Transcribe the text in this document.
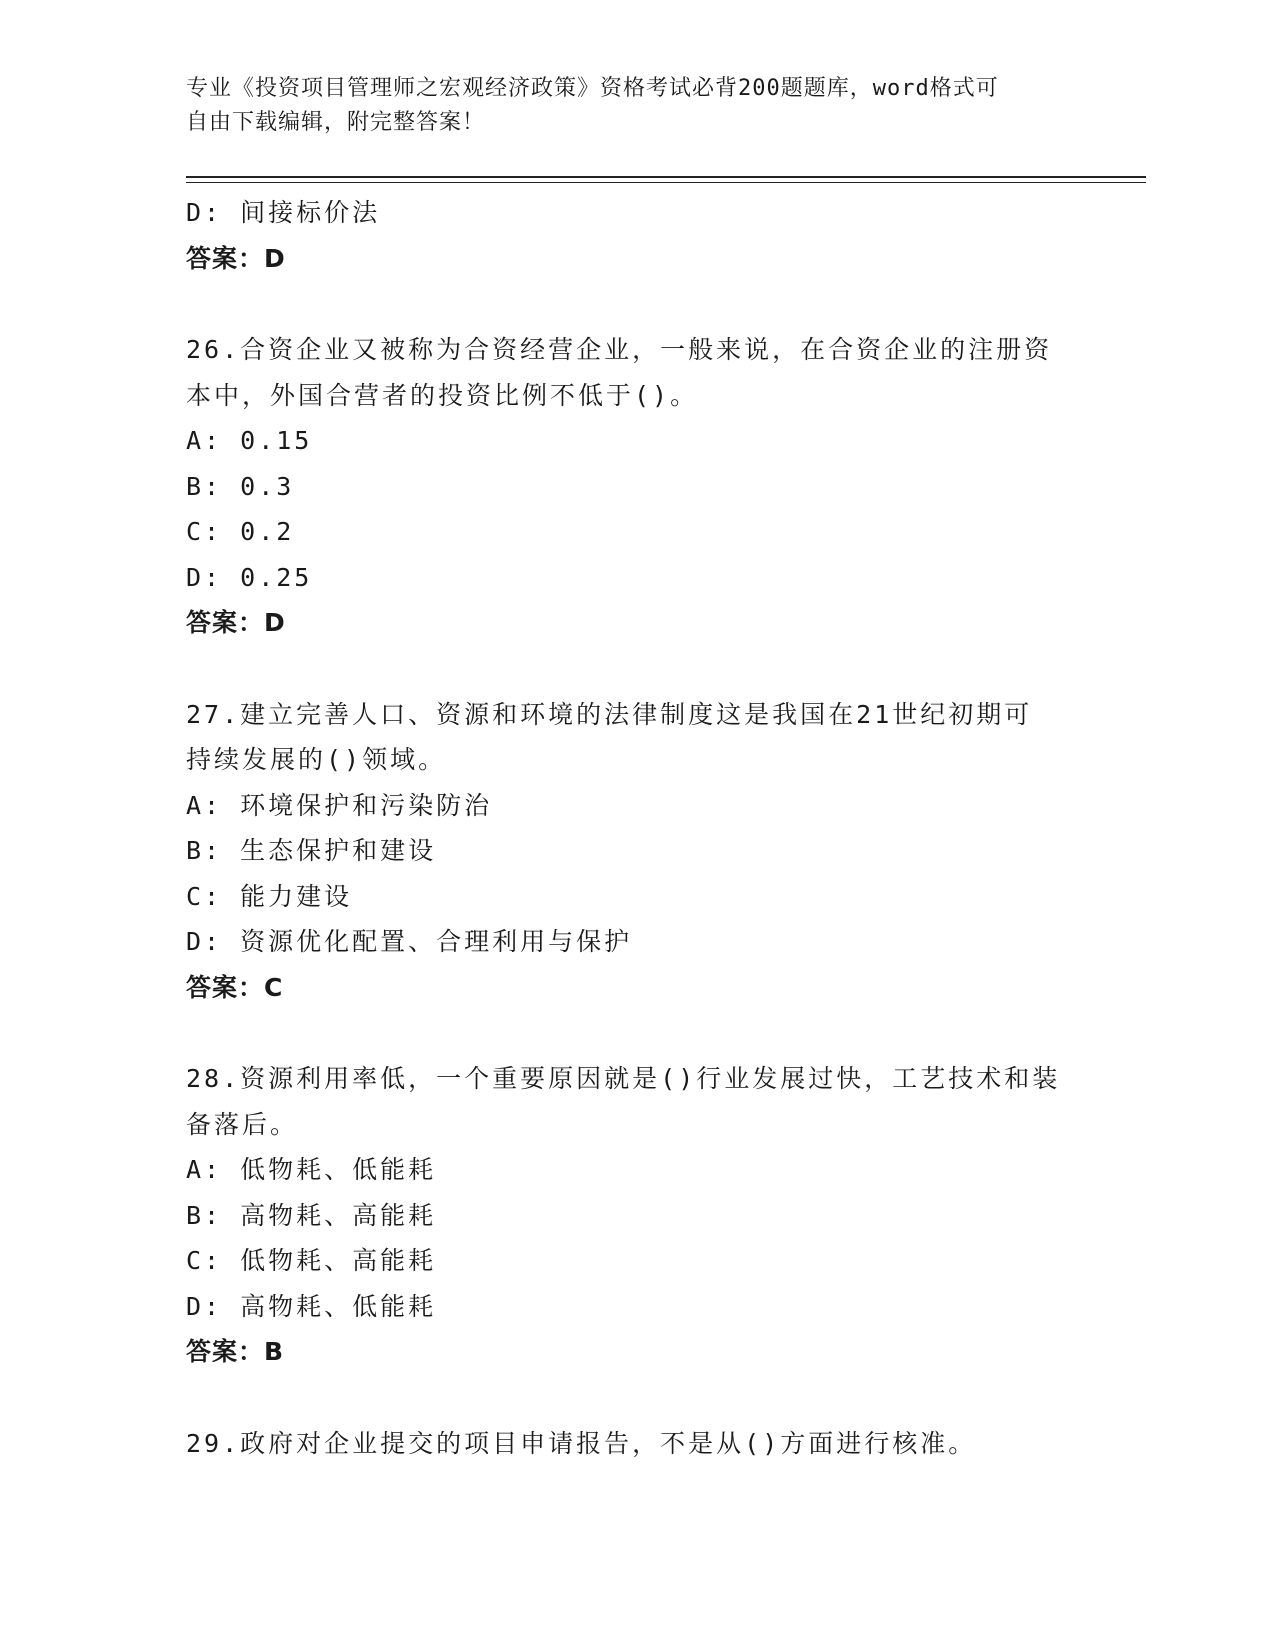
专业《投资项目管理师之宏观经济政策》资格考试必背200题题库，word格式可
自由下载编辑，附完整答案！
D: 间接标价法
答案：D
26.合资企业又被称为合资经营企业，一般来说，在合资企业的注册资
本中，外国合营者的投资比例不低于()。
A: 0.15
B: 0.3
C: 0.2
D: 0.25
答案：D
27.建立完善人口、资源和环境的法律制度这是我国在21世纪初期可
持续发展的()领域。
A: 环境保护和污染防治
B: 生态保护和建设
C: 能力建设
D: 资源优化配置、合理利用与保护
答案：C
28.资源利用率低，一个重要原因就是()行业发展过快，工艺技术和装
备落后。
A: 低物耗、低能耗
B: 高物耗、高能耗
C: 低物耗、高能耗
D: 高物耗、低能耗
答案：B
29.政府对企业提交的项目申请报告，不是从()方面进行核准。
